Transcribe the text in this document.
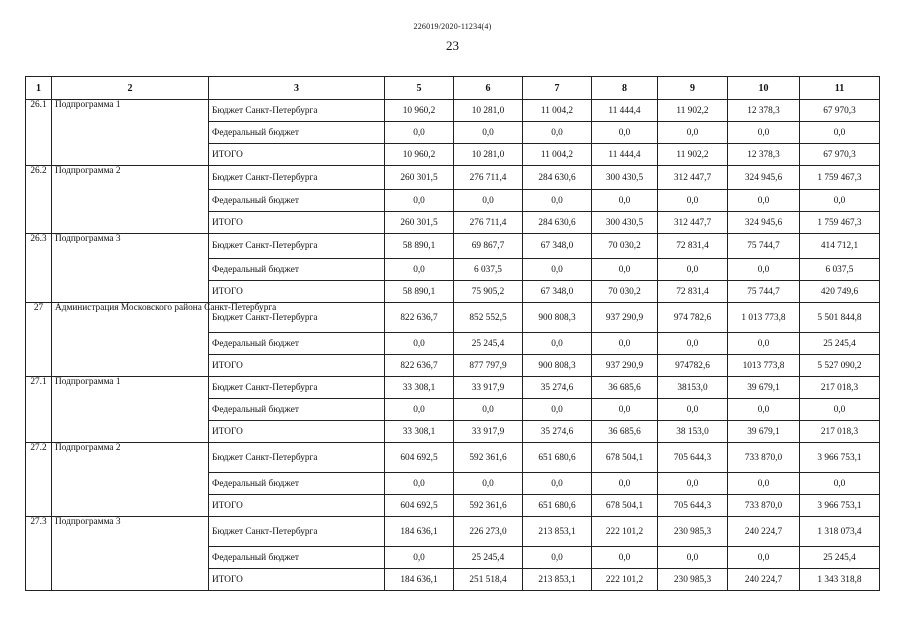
226019/2020-11234(4)
23
1	2	3	5	6	7	8	9	10	11
26.1	Подпрограмма 1	Бюджет Санкт-Петербурга	10 960,2	10 281,0	11 004,2	11 444,4	11 902,2	12 378,3	67 970,3
		Федеральный бюджет	0,0	0,0	0,0	0,0	0,0	0,0	0,0
		ИТОГО	10 960,2	10 281,0	11 004,2	11 444,4	11 902,2	12 378,3	67 970,3
26.2	Подпрограмма 2	Бюджет Санкт-Петербурга	260 301,5	276 711,4	284 630,6	300 430,5	312 447,7	324 945,6	1 759 467,3
		Федеральный бюджет	0,0	0,0	0,0	0,0	0,0	0,0	0,0
		ИТОГО	260 301,5	276 711,4	284 630,6	300 430,5	312 447,7	324 945,6	1 759 467,3
26.3	Подпрограмма 3	Бюджет Санкт-Петербурга	58 890,1	69 867,7	67 348,0	70 030,2	72 831,4	75 744,7	414 712,1
		Федеральный бюджет	0,0	6 037,5	0,0	0,0	0,0	0,0	6 037,5
		ИТОГО	58 890,1	75 905,2	67 348,0	70 030,2	72 831,4	75 744,7	420 749,6
27	Администрация Московского района Санкт-Петербурга	Бюджет Санкт-Петербурга	822 636,7	852 552,5	900 808,3	937 290,9	974 782,6	1 013 773,8	5 501 844,8
		Федеральный бюджет	0,0	25 245,4	0,0	0,0	0,0	0,0	25 245,4
		ИТОГО	822 636,7	877 797,9	900 808,3	937 290,9	974782,6	1013 773,8	5 527 090,2
27.1	Подпрограмма 1	Бюджет Санкт-Петербурга	33 308,1	33 917,9	35 274,6	36 685,6	38153,0	39 679,1	217 018,3
		Федеральный бюджет	0,0	0,0	0,0	0,0	0,0	0,0	0,0
		ИТОГО	33 308,1	33 917,9	35 274,6	36 685,6	38 153,0	39 679,1	217 018,3
27.2	Подпрограмма 2	Бюджет Санкт-Петербурга	604 692,5	592 361,6	651 680,6	678 504,1	705 644,3	733 870,0	3 966 753,1
		Федеральный бюджет	0,0	0,0	0,0	0,0	0,0	0,0	0,0
		ИТОГО	604 692,5	592 361,6	651 680,6	678 504,1	705 644,3	733 870,0	3 966 753,1
27.3	Подпрограмма 3	Бюджет Санкт-Петербурга	184 636,1	226 273,0	213 853,1	222 101,2	230 985,3	240 224,7	1 318 073,4
		Федеральный бюджет	0,0	25 245,4	0,0	0,0	0,0	0,0	25 245,4
		ИТОГО	184 636,1	251 518,4	213 853,1	222 101,2	230 985,3	240 224,7	1 343 318,8
